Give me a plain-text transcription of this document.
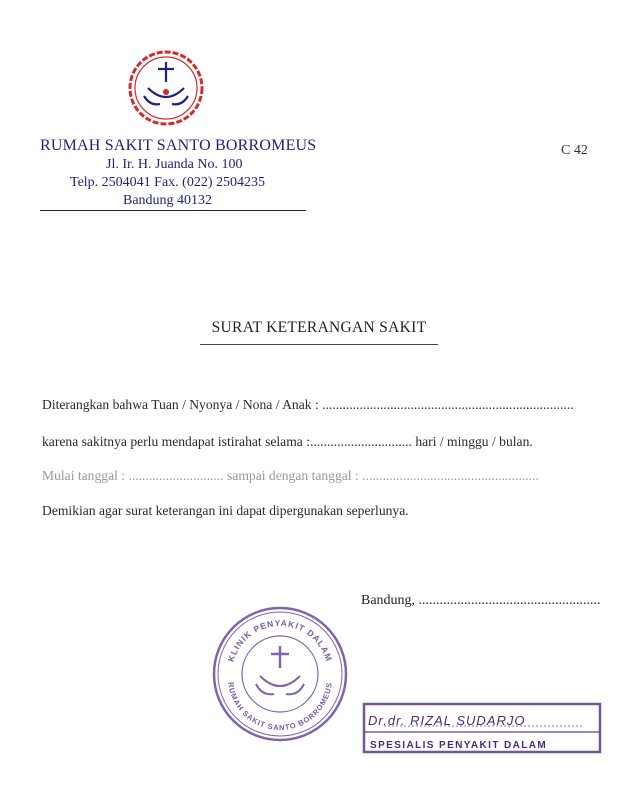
RUMAH SAKIT SANTO BORROMEUS
Jl. Ir. H. Juanda No. 100
Telp. 2504041 Fax. (022) 2504235
Bandung 40132
C 42
SURAT KETERANGAN SAKIT
Diterangkan bahwa Tuan / Nyonya / Nona / Anak : ..........................................................................
karena sakitnya perlu mendapat istirahat selama :.............................. hari / minggu / bulan.
Mulai tanggal : ............................ sampai dengan tanggal : ....................................................
Demikian agar surat keterangan ini dapat dipergunakan seperlunya.
Bandung, ....................................................
KLINIK PENYAKIT DALAM
RUMAH SAKIT SANTO BORROMEUS
Dr.dr. RIZAL SUDARJO
SPESIALIS PENYAKIT DALAM
